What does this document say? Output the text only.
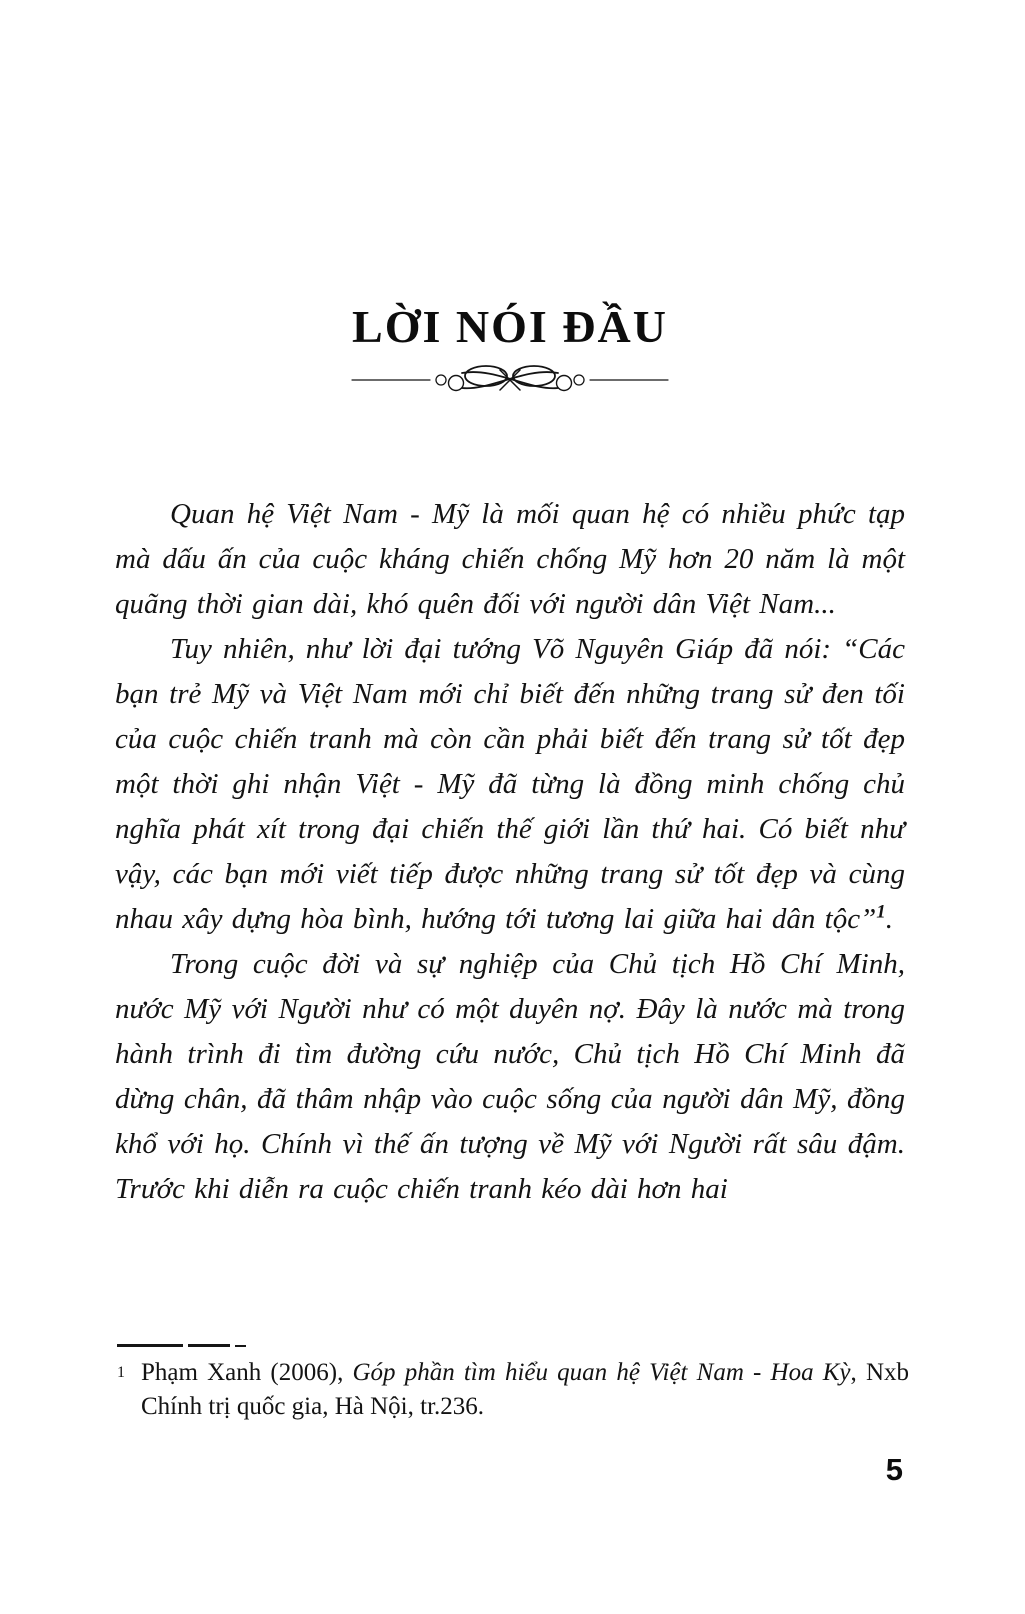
LỜI NÓI ĐẦU

Quan hệ Việt Nam - Mỹ là mối quan hệ có nhiều phức tạp mà dấu ấn của cuộc kháng chiến chống Mỹ hơn 20 năm là một quãng thời gian dài, khó quên đối với người dân Việt Nam...

Tuy nhiên, như lời đại tướng Võ Nguyên Giáp đã nói: “Các bạn trẻ Mỹ và Việt Nam mới chỉ biết đến những trang sử đen tối của cuộc chiến tranh mà còn cần phải biết đến trang sử tốt đẹp một thời ghi nhận Việt - Mỹ đã từng là đồng minh chống chủ nghĩa phát xít trong đại chiến thế giới lần thứ hai. Có biết như vậy, các bạn mới viết tiếp được những trang sử tốt đẹp và cùng nhau xây dựng hòa bình, hướng tới tương lai giữa hai dân tộc”$^1$.

Trong cuộc đời và sự nghiệp của Chủ tịch Hồ Chí Minh, nước Mỹ với Người như có một duyên nợ. Đây là nước mà trong hành trình đi tìm đường cứu nước, Chủ tịch Hồ Chí Minh đã dừng chân, đã thâm nhập vào cuộc sống của người dân Mỹ, đồng khổ với họ. Chính vì thế ấn tượng về Mỹ với Người rất sâu đậm. Trước khi diễn ra cuộc chiến tranh kéo dài hơn hai

1 Phạm Xanh (2006), Góp phần tìm hiểu quan hệ Việt Nam - Hoa Kỳ, Nxb Chính trị quốc gia, Hà Nội, tr.236.
5
